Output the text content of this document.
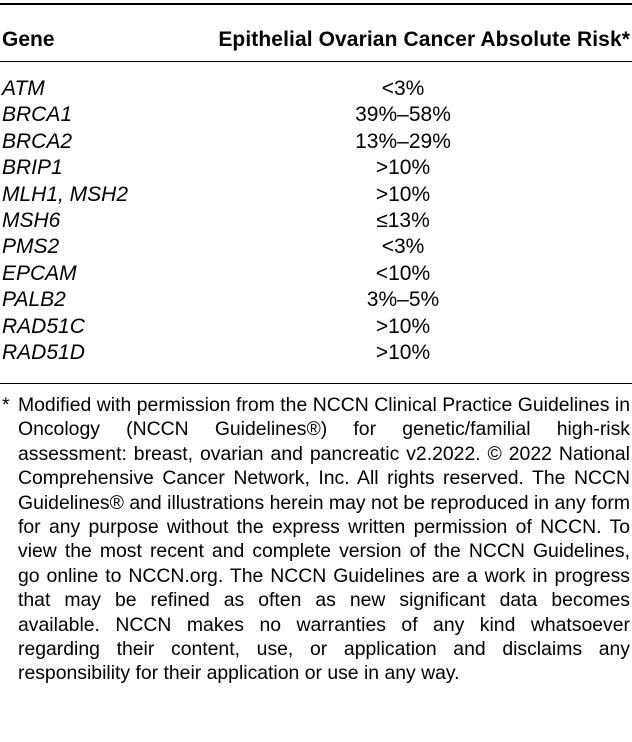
Gene	Epithelial Ovarian Cancer Absolute Risk*
ATM	<3%
BRCA1	39%–58%
BRCA2	13%–29%
BRIP1	>10%
MLH1, MSH2	>10%
MSH6	≤13%
PMS2	<3%
EPCAM	<10%
PALB2	3%–5%
RAD51C	>10%
RAD51D	>10%
* Modified with permission from the NCCN Clinical Practice Guidelines in Oncology (NCCN Guidelines®) for genetic/familial high-risk assessment: breast, ovarian and pancreatic v2.2022. © 2022 National Comprehensive Cancer Network, Inc. All rights reserved. The NCCN Guidelines® and illustrations herein may not be reproduced in any form for any purpose without the express written permission of NCCN. To view the most recent and complete version of the NCCN Guidelines, go online to NCCN.org. The NCCN Guidelines are a work in progress that may be refined as often as new significant data becomes available. NCCN makes no warranties of any kind whatsoever regarding their content, use, or application and disclaims any responsibility for their application or use in any way.
